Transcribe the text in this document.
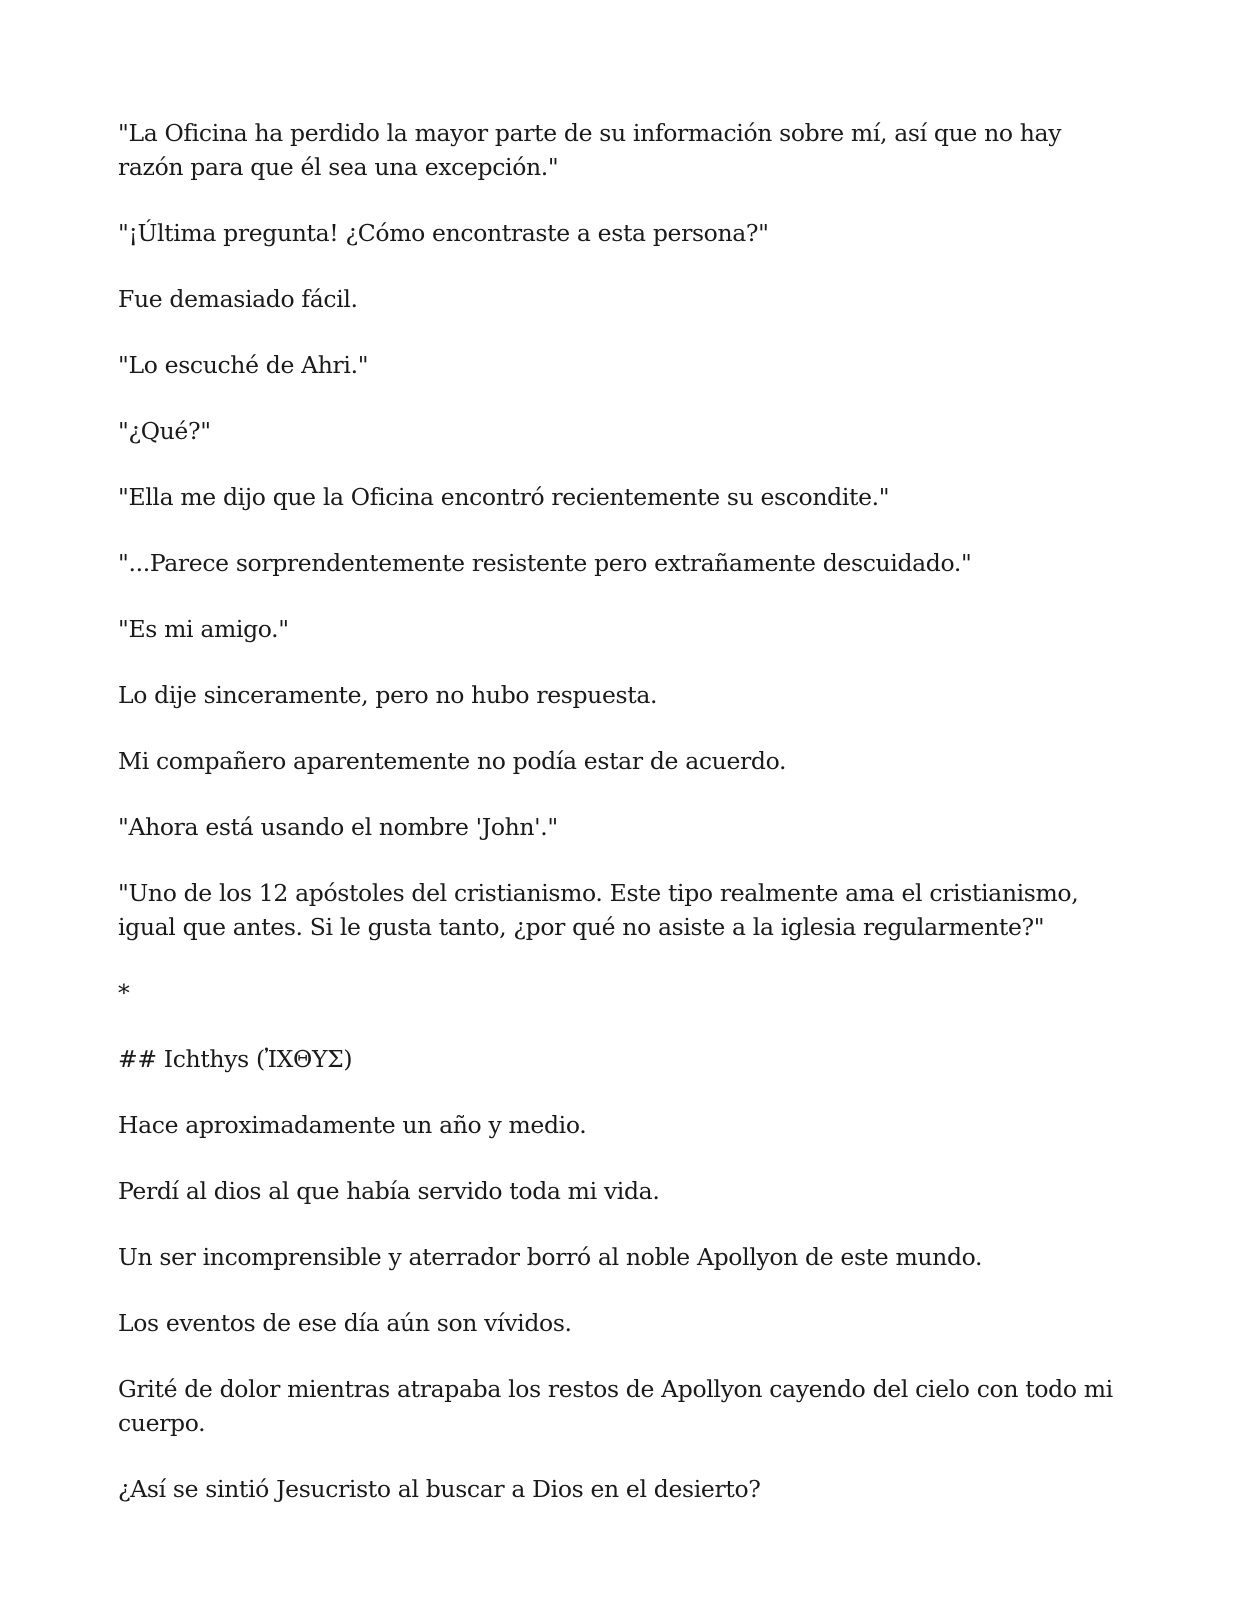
"La Oficina ha perdido la mayor parte de su información sobre mí, así que no hay razón para que él sea una excepción."

"¡Última pregunta! ¿Cómo encontraste a esta persona?"

Fue demasiado fácil.

"Lo escuché de Ahri."

"¿Qué?"

"Ella me dijo que la Oficina encontró recientemente su escondite."

"...Parece sorprendentemente resistente pero extrañamente descuidado."

"Es mi amigo."

Lo dije sinceramente, pero no hubo respuesta.

Mi compañero aparentemente no podía estar de acuerdo.

"Ahora está usando el nombre 'John'."

"Uno de los 12 apóstoles del cristianismo. Este tipo realmente ama el cristianismo, igual que antes. Si le gusta tanto, ¿por qué no asiste a la iglesia regularmente?"

*

## Ichthys (ἸΧΘΥΣ)

Hace aproximadamente un año y medio.

Perdí al dios al que había servido toda mi vida.

Un ser incomprensible y aterrador borró al noble Apollyon de este mundo.

Los eventos de ese día aún son vívidos.

Grité de dolor mientras atrapaba los restos de Apollyon cayendo del cielo con todo mi cuerpo.

¿Así se sintió Jesucristo al buscar a Dios en el desierto?
